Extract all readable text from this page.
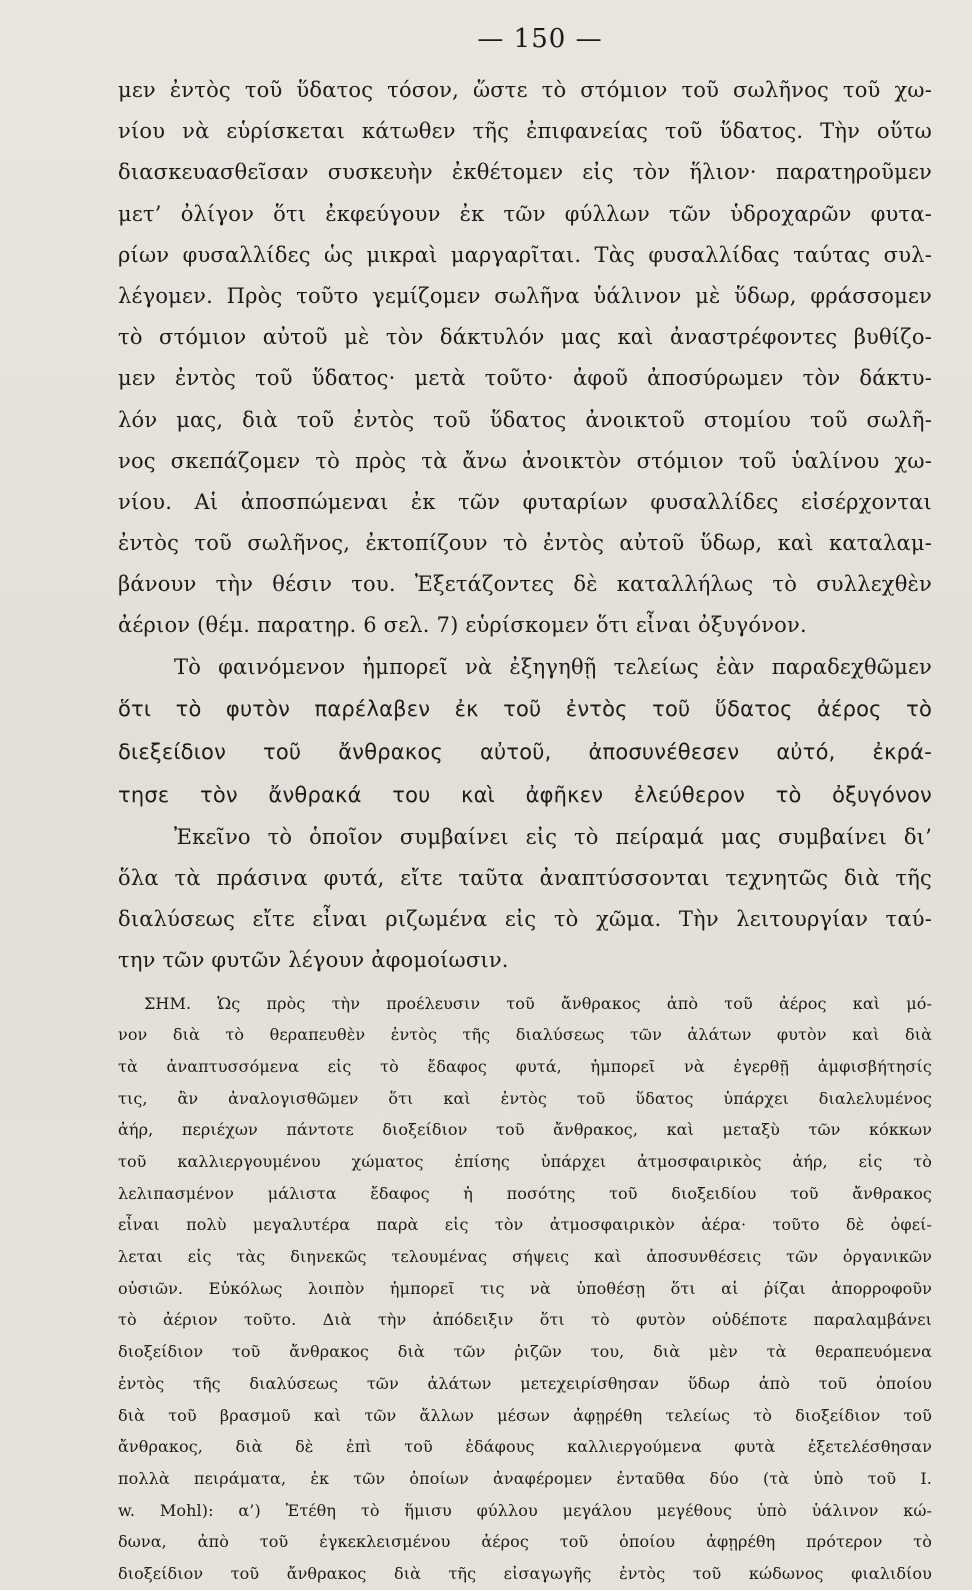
— 150 —
μεν ἐντὸς τοῦ ὕδατος τόσον, ὥστε τὸ στόμιον τοῦ σωλῆνος τοῦ χω-
νίου νὰ εὑρίσκεται κάτωθεν τῆς ἐπιφανείας τοῦ ὕδατος. Τὴν οὕτω
διασκευασθεῖσαν συσκευὴν ἐκθέτομεν εἰς τὸν ἥλιον· παρατηροῦμεν
μετ’ ὀλίγον ὅτι ἐκφεύγουν ἐκ τῶν φύλλων τῶν ὑδροχαρῶν φυτα-
ρίων φυσαλλίδες ὡς μικραὶ μαργαρῖται. Τὰς φυσαλλίδας ταύτας συλ-
λέγομεν. Πρὸς τοῦτο γεμίζομεν σωλῆνα ὑάλινον μὲ ὕδωρ, φράσσομεν
τὸ στόμιον αὐτοῦ μὲ τὸν δάκτυλόν μας καὶ ἀναστρέφοντες βυθίζο-
μεν ἐντὸς τοῦ ὕδατος· μετὰ τοῦτο· ἀφοῦ ἀποσύρωμεν τὸν δάκτυ-
λόν μας, διὰ τοῦ ἐντὸς τοῦ ὕδατος ἀνοικτοῦ στομίου τοῦ σωλῆ-
νος σκεπάζομεν τὸ πρὸς τὰ ἄνω ἀνοικτὸν στόμιον τοῦ ὑαλίνου χω-
νίου. Αἱ ἀποσπώμεναι ἐκ τῶν φυταρίων φυσαλλίδες εἰσέρχονται
ἐντὸς τοῦ σωλῆνος, ἐκτοπίζουν τὸ ἐντὸς αὐτοῦ ὕδωρ, καὶ καταλαμ-
βάνουν τὴν θέσιν του. Ἐξετάζοντες δὲ καταλλήλως τὸ συλλεχθὲν
ἀέριον (θέμ. παρατηρ. 6 σελ. 7) εὑρίσκομεν ὅτι εἶναι ὀξυγόνον.
Τὸ φαινόμενον ἠμπορεῖ νὰ ἐξηγηθῇ τελείως ἐὰν παραδεχθῶμεν
ὅτι τὸ φυτὸν παρέλαβεν ἐκ τοῦ ἐντὸς τοῦ ὕδατος ἀέρος τὸ
διεξείδιον τοῦ ἄνθρακος αὐτοῦ, ἀποσυνέθεσεν αὐτό, ἐκρά-
τησε τὸν ἄνθρακά του καὶ ἀφῆκεν ἐλεύθερον τὸ ὀξυγόνον
Ἐκεῖνο τὸ ὁποῖον συμβαίνει εἰς τὸ πείραμά μας συμβαίνει δι’
ὅλα τὰ πράσινα φυτά, εἴτε ταῦτα ἀναπτύσσονται τεχνητῶς διὰ τῆς
διαλύσεως εἴτε εἶναι ριζωμένα εἰς τὸ χῶμα. Τὴν λειτουργίαν ταύ-
την τῶν φυτῶν λέγουν ἀφομοίωσιν.
ΣΗΜ. Ὡς πρὸς τὴν προέλευσιν τοῦ ἄνθρακος ἀπὸ τοῦ ἀέρος καὶ μό-
νον διὰ τὸ θεραπευθὲν ἐντὸς τῆς διαλύσεως τῶν ἀλάτων φυτὸν καὶ διὰ
τὰ ἀναπτυσσόμενα εἰς τὸ ἔδαφος φυτά, ἠμπορεῖ νὰ ἐγερθῇ ἀμφισβήτησίς
τις, ἂν ἀναλογισθῶμεν ὅτι καὶ ἐντὸς τοῦ ὕδατος ὑπάρχει διαλελυμένος
ἀήρ, περιέχων πάντοτε διοξείδιον τοῦ ἄνθρακος, καὶ μεταξὺ τῶν κόκκων
τοῦ καλλιεργουμένου χώματος ἐπίσης ὑπάρχει ἀτμοσφαιρικὸς ἀήρ, εἰς τὸ
λελιπασμένον μάλιστα ἔδαφος ἡ ποσότης τοῦ διοξειδίου τοῦ ἄνθρακος
εἶναι πολὺ μεγαλυτέρα παρὰ εἰς τὸν ἀτμοσφαιρικὸν ἀέρα· τοῦτο δὲ ὀφεί-
λεται εἰς τὰς διηνεκῶς τελουμένας σήψεις καὶ ἀποσυνθέσεις τῶν ὀργανικῶν
οὐσιῶν. Εὐκόλως λοιπὸν ἠμπορεῖ τις νὰ ὑποθέσῃ ὅτι αἱ ῥίζαι ἀπορροφοῦν
τὸ ἀέριον τοῦτο. Διὰ τὴν ἀπόδειξιν ὅτι τὸ φυτὸν οὐδέποτε παραλαμβάνει
διοξείδιον τοῦ ἄνθρακος διὰ τῶν ῥιζῶν του, διὰ μὲν τὰ θεραπευόμενα
ἐντὸς τῆς διαλύσεως τῶν ἀλάτων μετεχειρίσθησαν ὕδωρ ἀπὸ τοῦ ὁποίου
διὰ τοῦ βρασμοῦ καὶ τῶν ἄλλων μέσων ἀφῃρέθη τελείως τὸ διοξείδιον τοῦ
ἄνθρακος, διὰ δὲ ἐπὶ τοῦ ἐδάφους καλλιεργούμενα φυτὰ ἐξετελέσθησαν
πολλὰ πειράματα, ἐκ τῶν ὁποίων ἀναφέρομεν ἐνταῦθα δύο (τὰ ὑπὸ τοῦ Ι.
w. Mohl): α’) Ἐτέθη τὸ ἥμισυ φύλλου μεγάλου μεγέθους ὑπὸ ὑάλινον κώ-
δωνα, ἀπὸ τοῦ ἐγκεκλεισμένου ἀέρος τοῦ ὁποίου ἀφῃρέθη πρότερον τὸ
διοξείδιον τοῦ ἄνθρακος διὰ τῆς εἰσαγωγῆς ἐντὸς τοῦ κώδωνος φιαλιδίου
